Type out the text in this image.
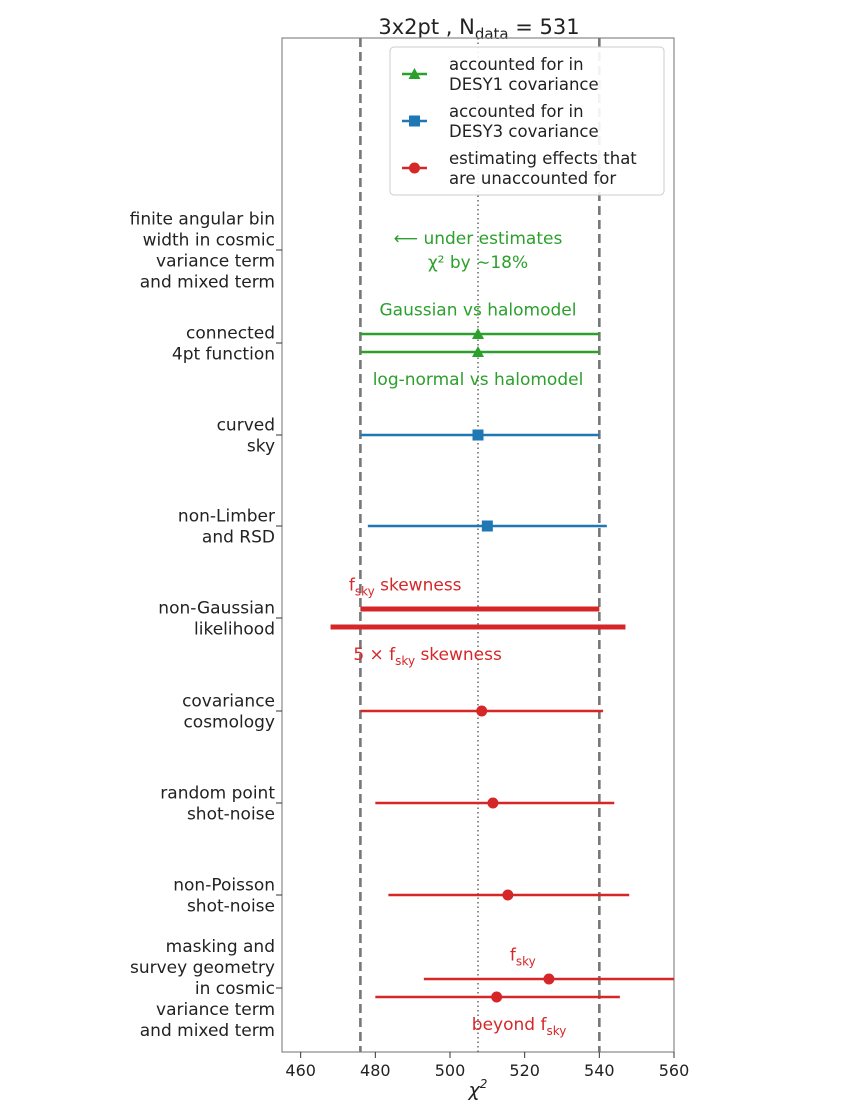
3x2pt , $N_{data} = 531$
460	480	500	520	540	560
finite angular bin width in cosmic variance term and mixed term
connected 4pt function
curved sky
non-Limber and RSD
non-Gaussian likelihood
covariance cosmology
random point shot-noise
non-Poisson shot-noise
masking and survey geometry in cosmic variance term and mixed term
⟵ under estimates
χ² by ∼18%
Gaussian vs halomodel
log-normal vs halomodel
$f_{sky}$ skewness
$5 \times f_{sky}$ skewness
$f_{sky}$
beyond $f_{sky}$
$\chi^2$
accounted for in DESY1 covariance
accounted for in DESY3 covariance
estimating effects that are unaccounted for
